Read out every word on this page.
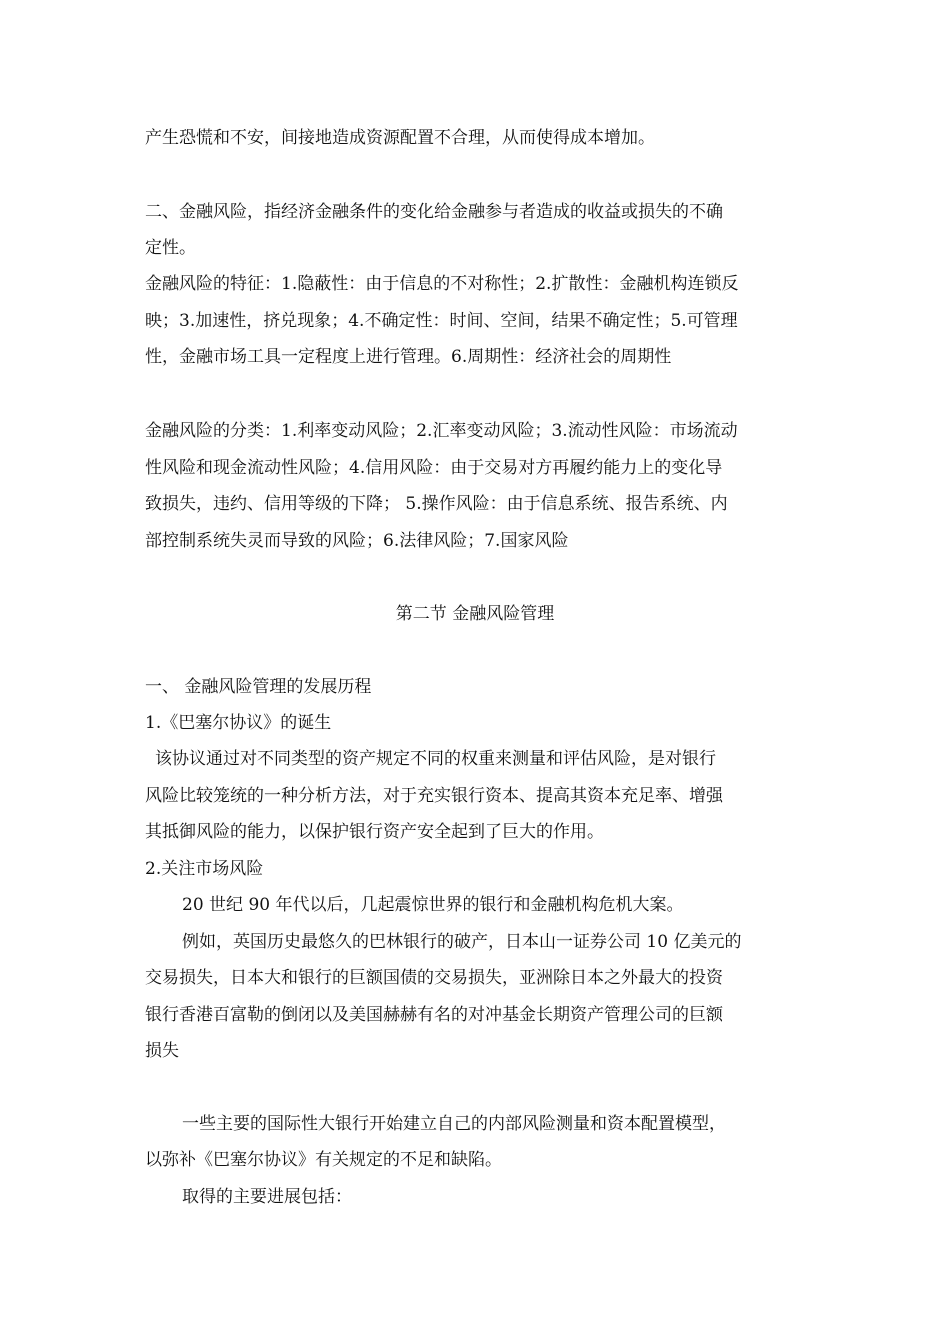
产生恐慌和不安，间接地造成资源配置不合理，从而使得成本增加。
二、金融风险，指经济金融条件的变化给金融参与者造成的收益或损失的不确
定性。
金融风险的特征：1.隐蔽性：由于信息的不对称性；2.扩散性：金融机构连锁反
映；3.加速性，挤兑现象；4.不确定性：时间、空间，结果不确定性；5.可管理
性，金融市场工具一定程度上进行管理。6.周期性：经济社会的周期性
金融风险的分类：1.利率变动风险；2.汇率变动风险；3.流动性风险：市场流动
性风险和现金流动性风险；4.信用风险：由于交易对方再履约能力上的变化导
致损失，违约、信用等级的下降； 5.操作风险：由于信息系统、报告系统、内
部控制系统失灵而导致的风险；6.法律风险；7.国家风险
第二节 金融风险管理
一、 金融风险管理的发展历程
1.《巴塞尔协议》的诞生
该协议通过对不同类型的资产规定不同的权重来测量和评估风险，是对银行
风险比较笼统的一种分析方法，对于充实银行资本、提高其资本充足率、增强
其抵御风险的能力，以保护银行资产安全起到了巨大的作用。
2.关注市场风险
20 世纪 90 年代以后，几起震惊世界的银行和金融机构危机大案。
例如，英国历史最悠久的巴林银行的破产，日本山一证券公司 10 亿美元的
交易损失，日本大和银行的巨额国债的交易损失，亚洲除日本之外最大的投资
银行香港百富勒的倒闭以及美国赫赫有名的对冲基金长期资产管理公司的巨额
损失
一些主要的国际性大银行开始建立自己的内部风险测量和资本配置模型，
以弥补《巴塞尔协议》有关规定的不足和缺陷。
取得的主要进展包括：
